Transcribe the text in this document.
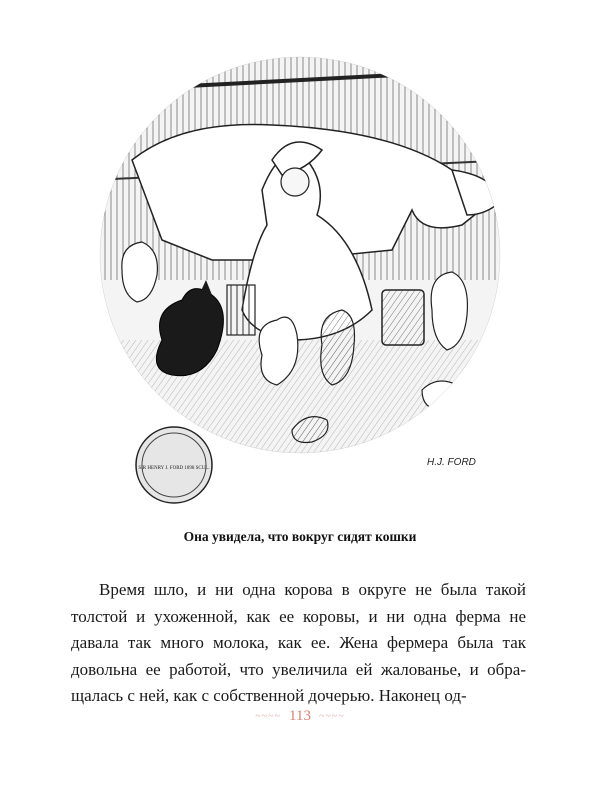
SIR HENRY J. FORD 1898 SCUL.
H.J. FORD
Она увидела, что вокруг сидят кошки

Время шло, и ни одна корова в округе не была такой толстой и ухоженной, как ее коровы, и ни одна ферма не давала так много молока, как ее. Жена фермера была так довольна ее работой, что увеличила ей жалованье, и обращалась с ней, как с собственной дочерью. Наконец од-

~~~~ 113 ~~~~
